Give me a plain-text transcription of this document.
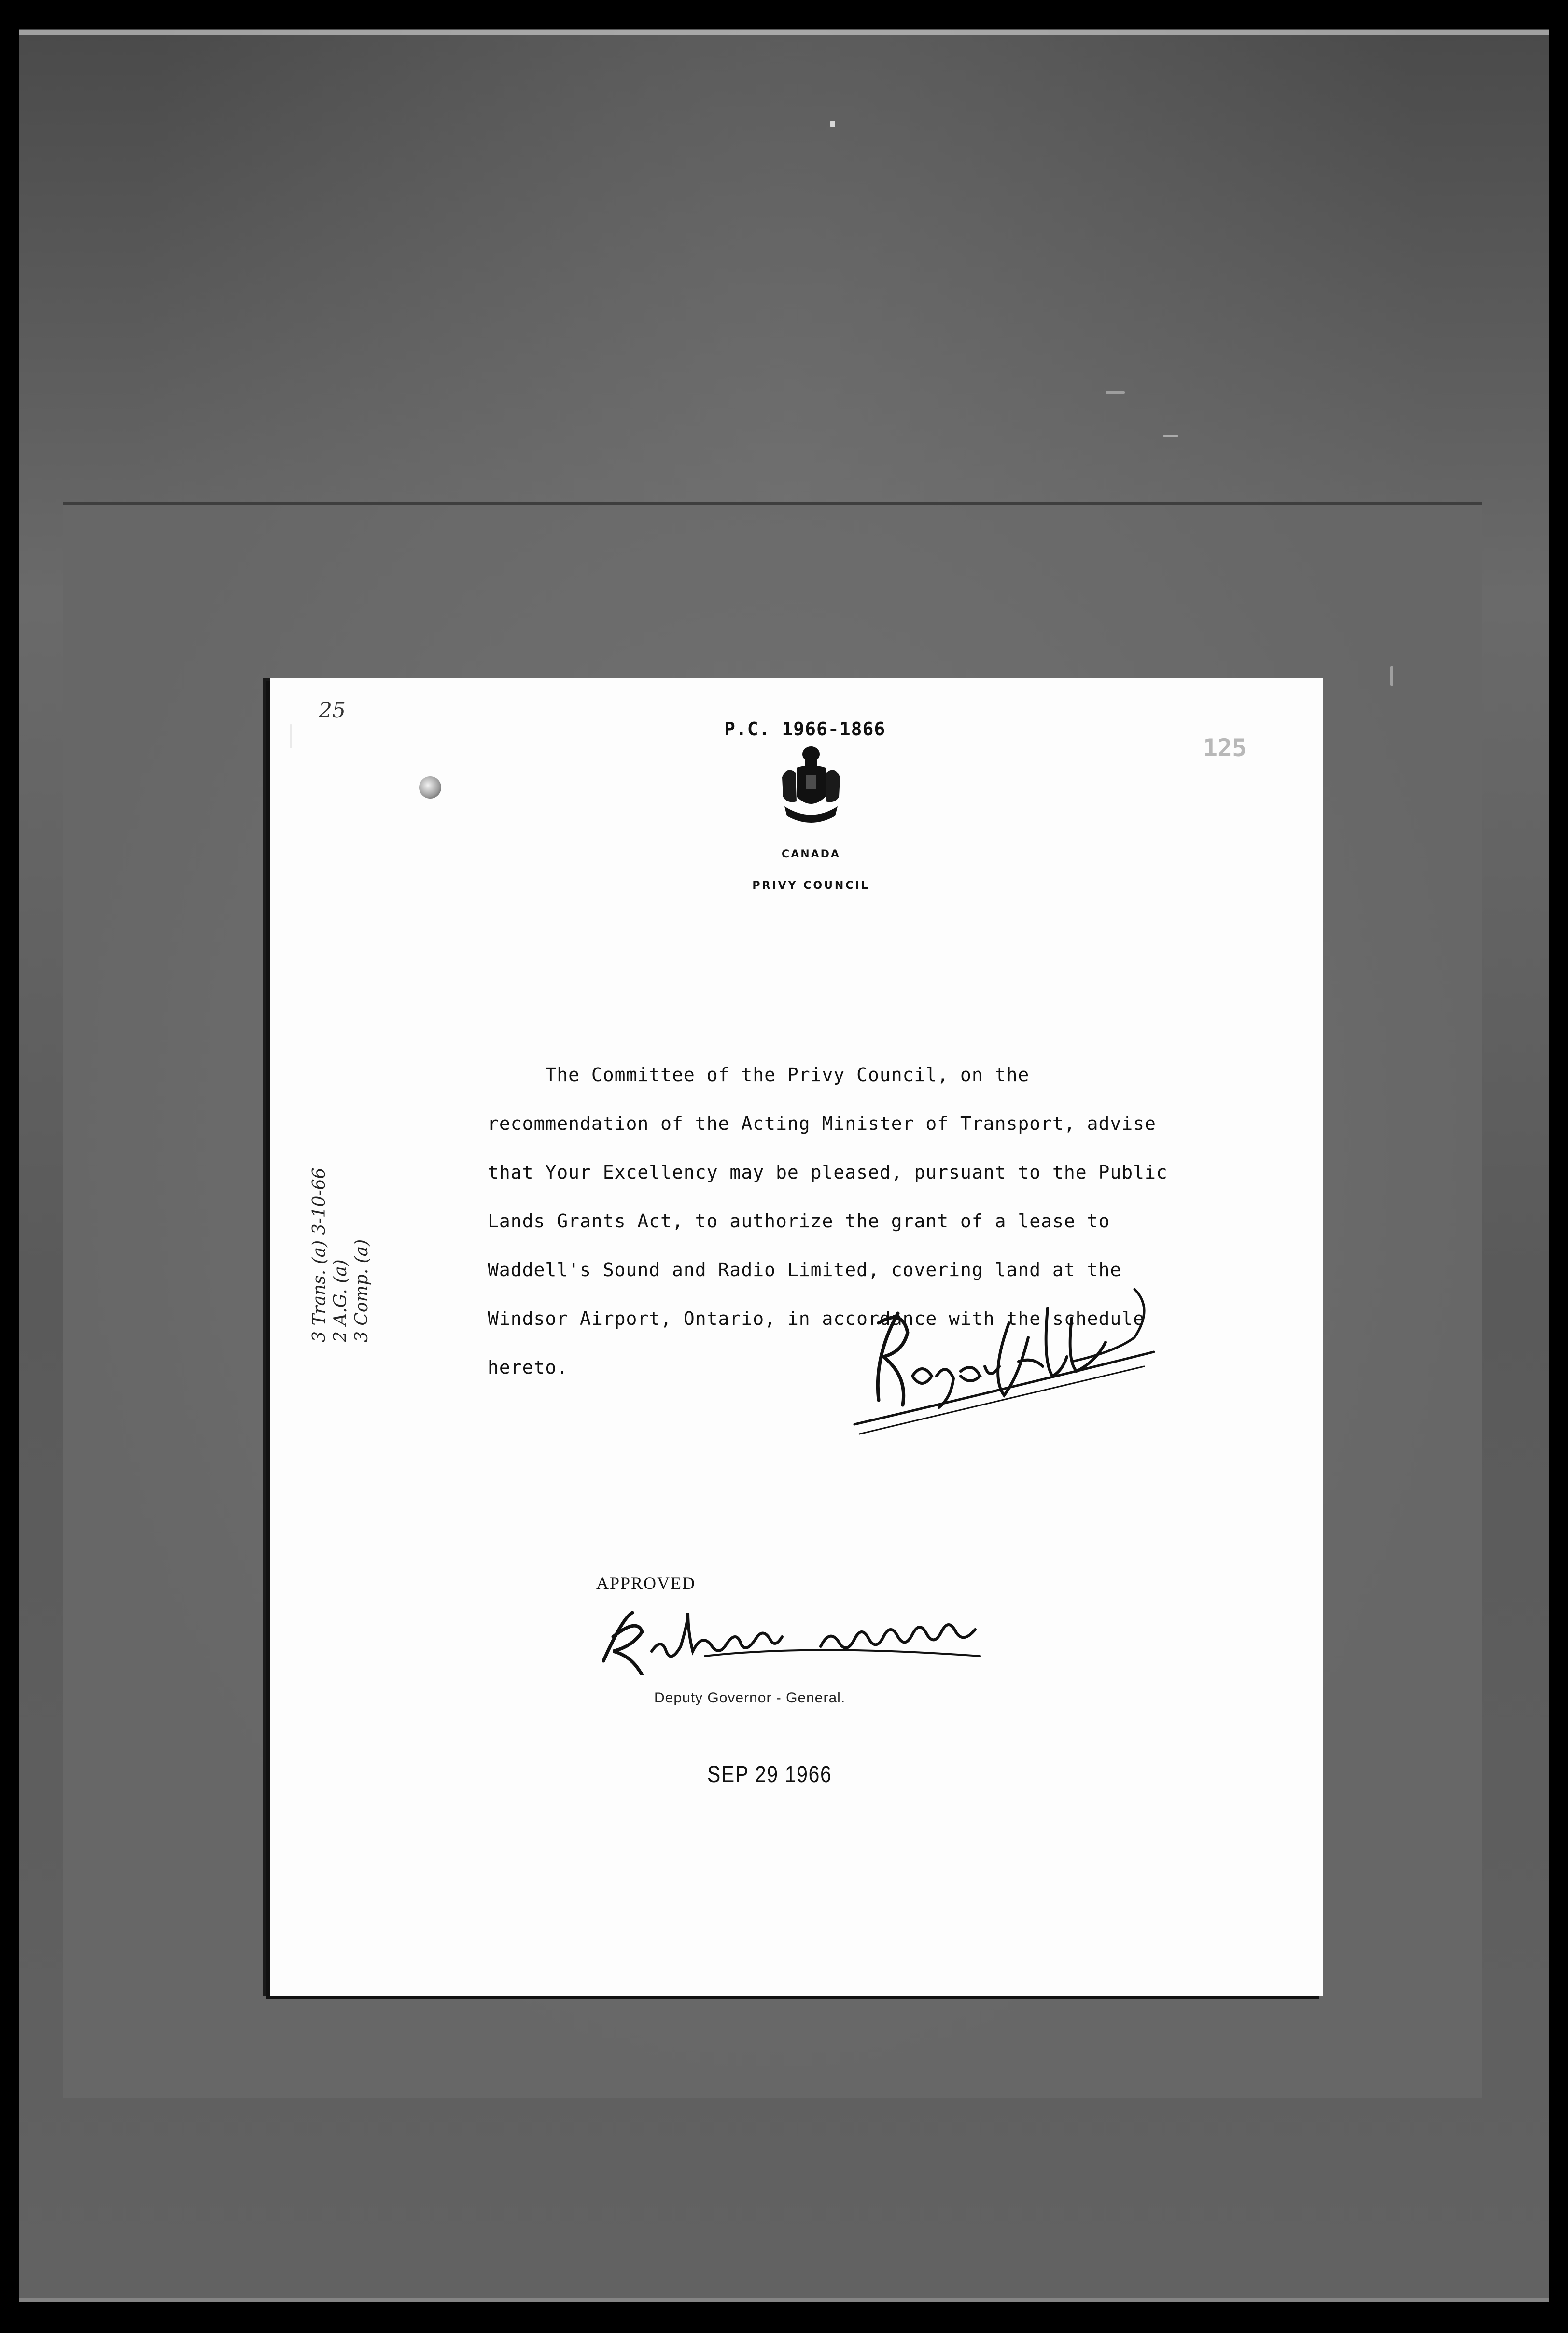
25
P.C. 1966-1866
125
CANADA
PRIVY COUNCIL
The Committee of the Privy Council, on the
recommendation of the Acting Minister of Transport, advise
that Your Excellency may be pleased, pursuant to the Public
Lands Grants Act, to authorize the grant of a lease to
Waddell's Sound and Radio Limited, covering land at the
Windsor Airport, Ontario, in accordance with the schedule
hereto.
3 Trans. (a) 3-10-66 2 A.G. (a) 3 Comp. (a)
APPROVED
Deputy Governor - General.
SEP 29 1966
